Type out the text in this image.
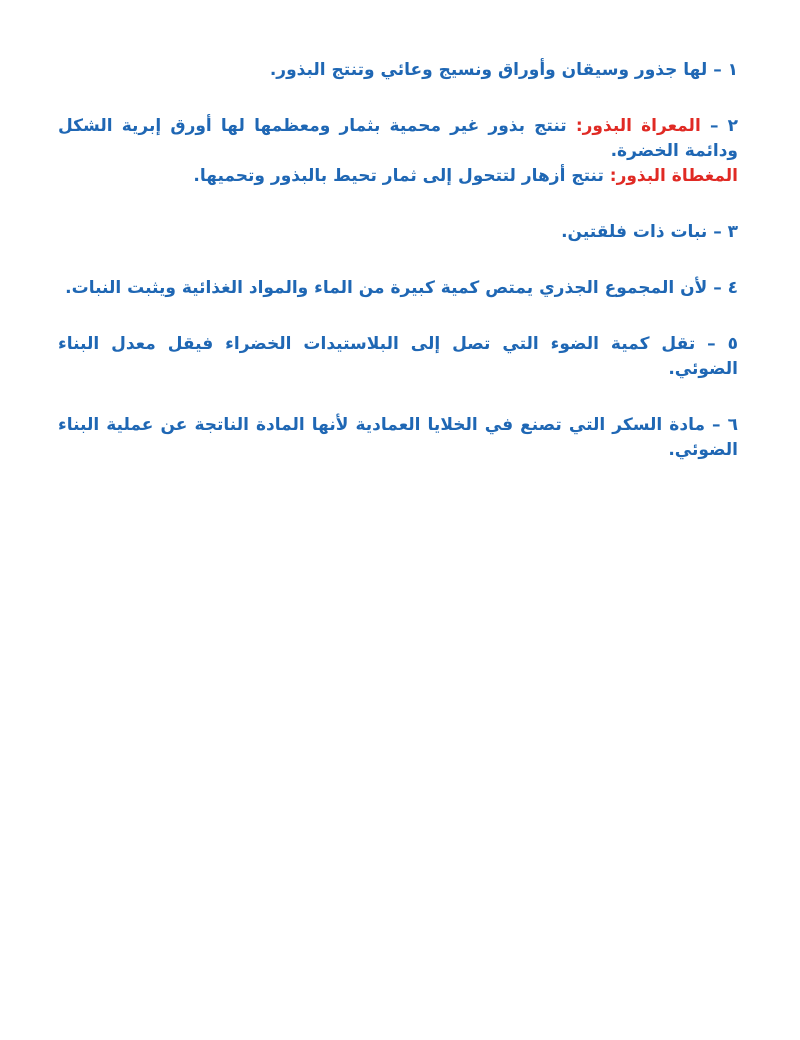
١ – لها جذور وسيقان وأوراق ونسيج وعائي وتنتج البذور.

٢ – المعراة البذور: تنتج بذور غير محمية بثمار ومعظمها لها أورق إبرية الشكل ودائمة الخضرة.
المغطاة البذور: تنتج أزهار لتتحول إلى ثمار تحيط بالبذور وتحميها.

٣ – نبات ذات فلقتين.

٤ – لأن المجموع الجذري يمتص كمية كبيرة من الماء والمواد الغذائية ويثبت النبات.

٥ – تقل كمية الضوء التي تصل إلى البلاستيدات الخضراء فيقل معدل البناء الضوئي.

٦ – مادة السكر التي تصنع في الخلايا العمادية لأنها المادة الناتجة عن عملية البناء الضوئي.
